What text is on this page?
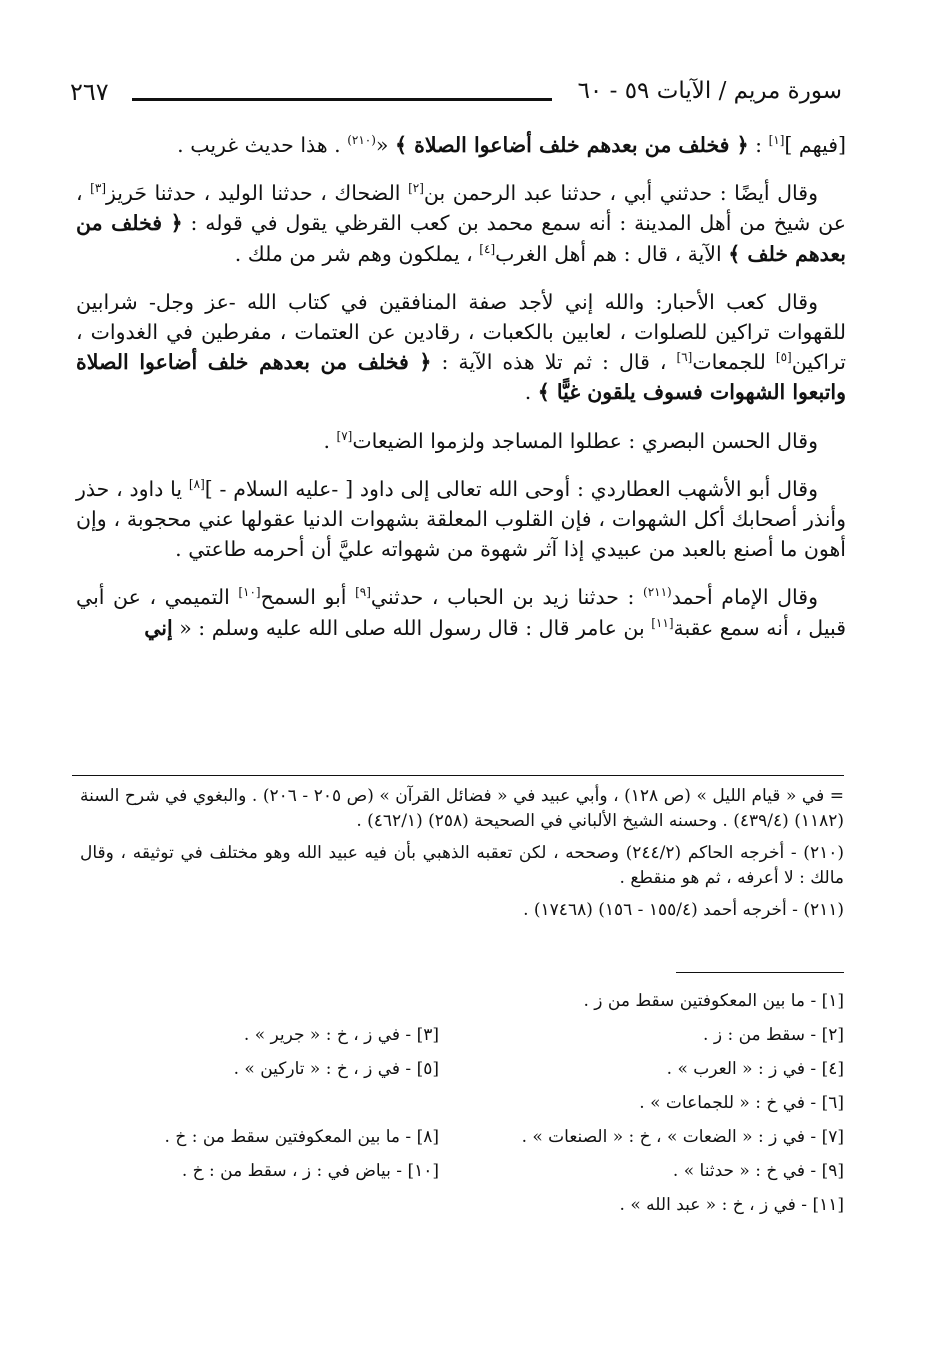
سورة مريم / الآيات ٥٩ - ٦٠
٢٦٧

[فيهم ][١] : ﴿ فخلف من بعدهم خلف أضاعوا الصلاة ﴾ «$^{(٢١٠)}$ . هذا حديث غريب .

وقال أيضًا : حدثني أبي ، حدثنا عبد الرحمن بن[٢] الضحاك ، حدثنا الوليد ، حدثنا حَريز[٣] ، عن شيخ من أهل المدينة : أنه سمع محمد بن كعب القرظي يقول في قوله : ﴿ فخلف من بعدهم خلف ﴾ الآية ، قال : هم أهل الغرب[٤] ، يملكون وهم شر من ملك .

وقال كعب الأحبار: والله إني لأجد صفة المنافقين في كتاب الله -عز وجل- شرابين للقهوات تراكين للصلوات ، لعابين بالكعبات ، رقادين عن العتمات ، مفرطين في الغدوات ، تراكين[٥] للجمعات[٦] ، قال : ثم تلا هذه الآية : ﴿ فخلف من بعدهم خلف أضاعوا الصلاة واتبعوا الشهوات فسوف يلقون غيًّا ﴾ .

وقال الحسن البصري : عطلوا المساجد ولزموا الضيعات[٧] .

وقال أبو الأشهب العطاردي : أوحى الله تعالى إلى داود [ -عليه السلام - ][٨] يا داود ، حذر وأنذر أصحابك أكل الشهوات ، فإن القلوب المعلقة بشهوات الدنيا عقولها عني محجوبة ، وإن أهون ما أصنع بالعبد من عبيدي إذا آثر شهوة من شهواته عليَّ أن أحرمه طاعتي .

وقال الإمام أحمد$^{(٢١١)}$ : حدثنا زيد بن الحباب ، حدثني[٩] أبو السمح[١٠] التميمي ، عن أبي قبيل ، أنه سمع عقبة[١١] بن عامر قال : قال رسول الله صلى الله عليه وسلم : « إني

= في « قيام الليل » (ص ١٢٨) ، وأبي عبيد في « فضائل القرآن » (ص ٢٠٥ - ٢٠٦) . والبغوي في شرح السنة (١١٨٢) (٤٣٩/٤) . وحسنه الشيخ الألباني في الصحيحة (٢٥٨) (٤٦٢/١) .

(٢١٠) - أخرجه الحاكم (٢٤٤/٢) وصححه ، لكن تعقبه الذهبي بأن فيه عبيد الله وهو مختلف في توثيقه ، وقال مالك : لا أعرفه ، ثم هو منقطع .

(٢١١) - أخرجه أحمد (١٥٥/٤ - ١٥٦) (١٧٤٦٨) .

[١] - ما بين المعكوفتين سقط من ز .
[٢] - سقط من : ز .
[٣] - في ز ، خ : « جرير » .
[٤] - في ز : « العرب » .
[٥] - في ز ، خ : « تاركين » .
[٦] - في خ : « للجماعات » .
[٧] - في ز : « الضعات » ، خ : « الصنعات » .
[٨] - ما بين المعكوفتين سقط من : خ .
[٩] - في خ : « حدثنا » .
[١٠] - بياض في : ز ، سقط من : خ .
[١١] - في ز ، خ : « عبد الله » .
